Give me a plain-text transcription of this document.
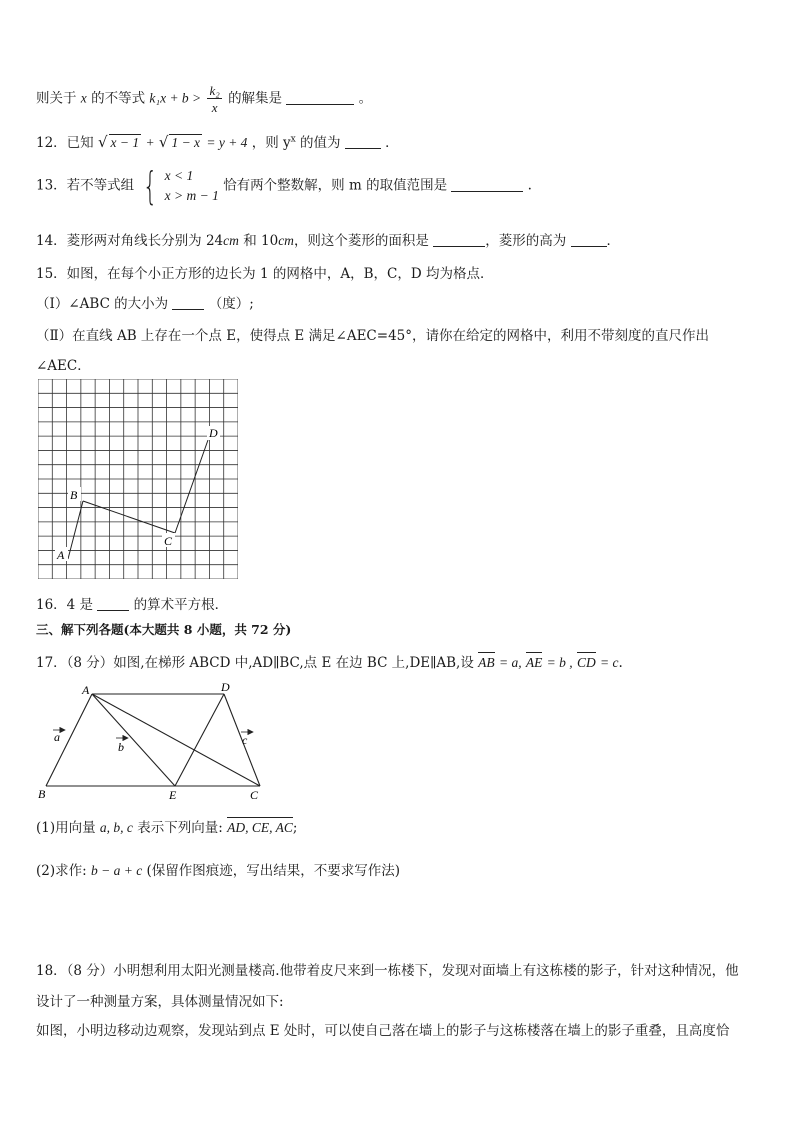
则关于 x 的不等式 $k_1x + b > \frac{\text{k₂}}{x}$ 的解集是	。
12．已知 √ x − 1 + √ 1 − x = y + 4 ，则 $y^x$ 的值为	．
13．若不等式组 { x < 1
x > m − 1
恰有两个整数解，则 m 的取值范围是	.
14．菱形两对角线长分别为 24cm 和 10cm，则这个菱形的面积是	，菱形的高为	．
15．如图，在每个小正方形的边长为 1 的网格中，A，B，C，D 均为格点．
（Ⅰ）∠ABC 的大小为	（度）;
（Ⅱ）在直线 AB 上存在一个点 E，使得点 E 满足∠AEC=45°，请你在给定的网格中，利用不带刻度的直尺作出
∠AEC．
A
B
C
D
16．4 是	的算术平方根．
三、解下列各题(本大题共 8 小题，共 72 分)
17．（8 分）如图,在梯形 ABCD 中,AD∥BC,点 E 在边 BC 上,DE∥AB,设 AB = a, AE = b , CD = c.
A	D
B	E	C
a
b	c
(1)用向量 a, b, c 表示下列向量: AD, CE, AC;
(2)求作: b − a + c (保留作图痕迹，写出结果，不要求写作法)
18．（8 分）小明想利用太阳光测量楼高.他带着皮尺来到一栋楼下，发现对面墙上有这栋楼的影子，针对这种情况，他
设计了一种测量方案，具体测量情况如下:
如图，小明边移动边观察，发现站到点 E 处时，可以使自己落在墙上的影子与这栋楼落在墙上的影子重叠，且高度恰
